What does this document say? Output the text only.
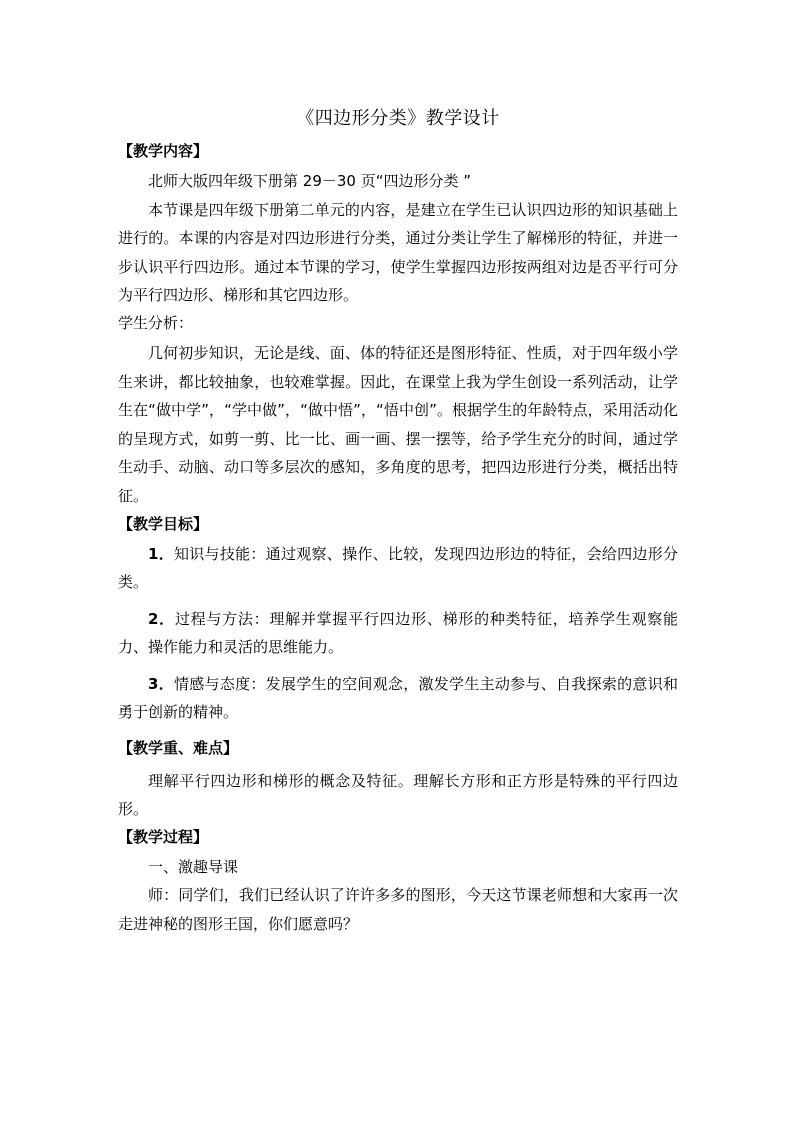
《四边形分类》教学设计
【教学内容】

北师大版四年级下册第 29－30 页“四边形分类 ”

本节课是四年级下册第二单元的内容，是建立在学生已认识四边形的知识基础上进行的。本课的内容是对四边形进行分类，通过分类让学生了解梯形的特征，并进一步认识平行四边形。通过本节课的学习，使学生掌握四边形按两组对边是否平行可分为平行四边形、梯形和其它四边形。

学生分析：

几何初步知识，无论是线、面、体的特征还是图形特征、性质，对于四年级小学生来讲，都比较抽象，也较难掌握。因此，在课堂上我为学生创设一系列活动，让学生在“做中学”，“学中做”，“做中悟”，“悟中创”。根据学生的年龄特点，采用活动化的呈现方式，如剪一剪、比一比、画一画、摆一摆等，给予学生充分的时间，通过学生动手、动脑、动口等多层次的感知，多角度的思考，把四边形进行分类，概括出特征。

【教学目标】

1．知识与技能：通过观察、操作、比较，发现四边形边的特征，会给四边形分类。

2．过程与方法：理解并掌握平行四边形、梯形的种类特征，培养学生观察能力、操作能力和灵活的思维能力。

3．情感与态度：发展学生的空间观念，激发学生主动参与、自我探索的意识和勇于创新的精神。

【教学重、难点】

理解平行四边形和梯形的概念及特征。理解长方形和正方形是特殊的平行四边形。

【教学过程】

一、激趣导课

师：同学们，我们已经认识了许许多多的图形，今天这节课老师想和大家再一次走进神秘的图形王国，你们愿意吗？
